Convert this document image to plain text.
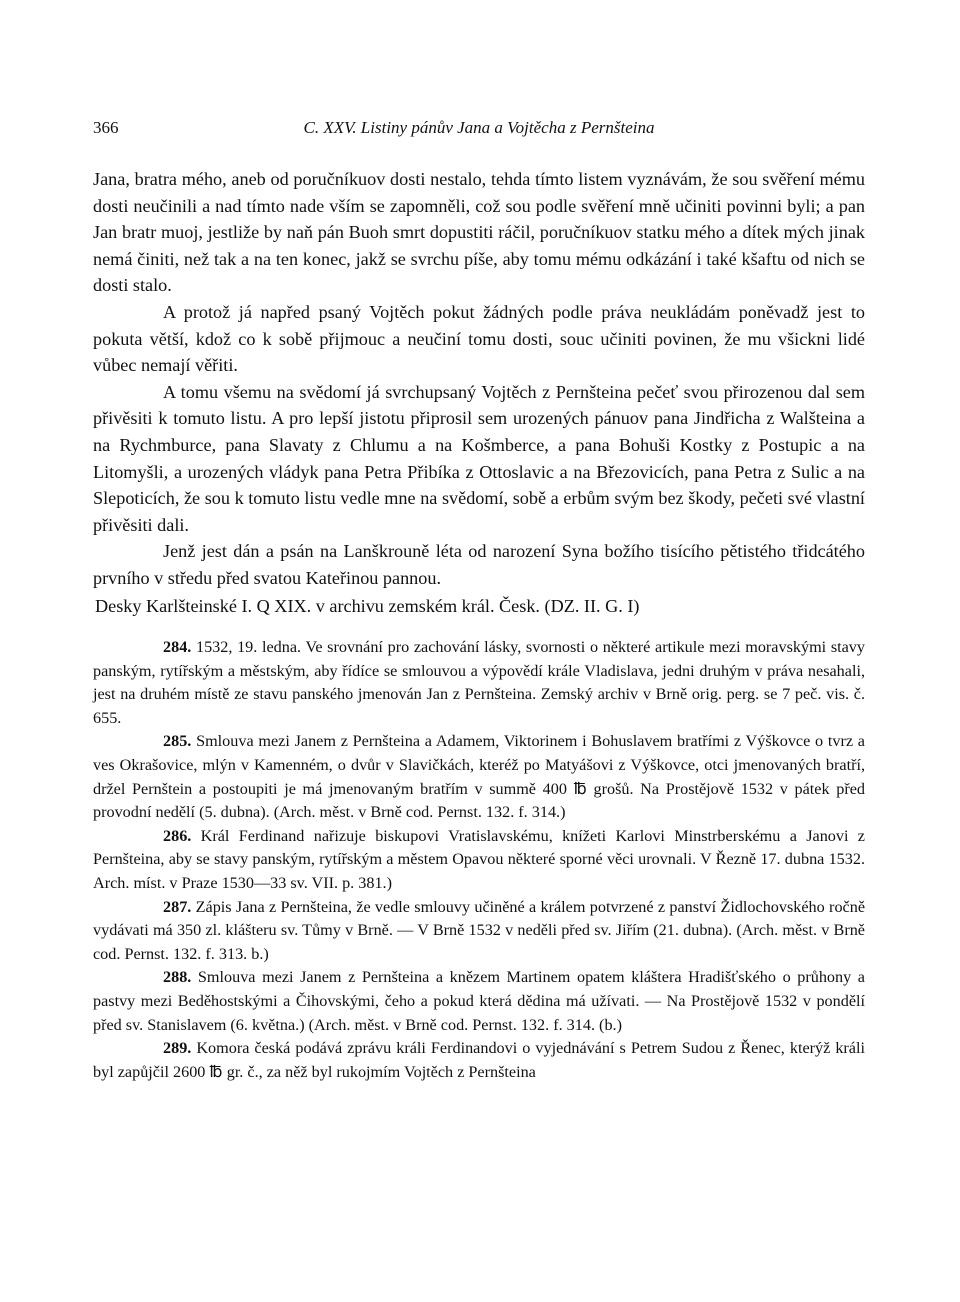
366	C. XXV. Listiny pánův Jana a Vojtěcha z Pernšteina

Jana, bratra mého, aneb od poručníkuov dosti nestalo, tehda tímto listem vyznávám, že sou svěření mému dosti neučinili a nad tímto nade vším se zapomněli, což sou podle svěření mně učiniti povinni byli; a pan Jan bratr muoj, jestliže by naň pán Buoh smrt dopustiti ráčil, poručníkuov statku mého a dítek mých jinak nemá činiti, než tak a na ten konec, jakž se svrchu píše, aby tomu mému odkázání i také kšaftu od nich se dosti stalo.

A protož já napřed psaný Vojtěch pokut žádných podle práva neukládám poněvadž jest to pokuta větší, kdož co k sobě přijmouc a neučiní tomu dosti, souc učiniti povinen, že mu všickni lidé vůbec nemají věřiti.

A tomu všemu na svědomí já svrchupsaný Vojtěch z Pernšteina pečeť svou přirozenou dal sem přivěsiti k tomuto listu. A pro lepší jistotu připrosil sem urozených pánuov pana Jindřicha z Walšteina a na Rychmburce, pana Slavaty z Chlumu a na Košmberce, a pana Bohuši Kostky z Postupic a na Litomyšli, a urozených vládyk pana Petra Přibíka z Ottoslavic a na Březovicích, pana Petra z Sulic a na Slepoticích, že sou k tomuto listu vedle mne na svědomí, sobě a erbům svým bez škody, pečeti své vlastní přivěsiti dali.

Jenž jest dán a psán na Lanškrouně léta od narození Syna božího tisícího pětistého třidcátého prvního v středu před svatou Kateřinou pannou.

Desky Karlšteinské I. Q XIX. v archivu zemském král. Česk. (DZ. II. G. I)

284. 1532, 19. ledna. Ve srovnání pro zachování lásky, svornosti o některé artikule mezi moravskými stavy panským, rytířským a městským, aby řídíce se smlouvou a výpovědí krále Vladislava, jedni druhým v práva nesahali, jest na druhém místě ze stavu panského jmenován Jan z Pernšteina. Zemský archiv v Brně orig. perg. se 7 peč. vis. č. 655.

285. Smlouva mezi Janem z Pernšteina a Adamem, Viktorinem i Bohuslavem bratřími z Výškovce o tvrz a ves Okrašovice, mlýn v Kamenném, o dvůr v Slavičkách, kteréž po Matyášovi z Výškovce, otci jmenovaných bratří, držel Pernštein a postoupiti je má jmenovaným bratřím v summě 400 ℔ grošů. Na Prostějově 1532 v pátek před provodní nedělí (5. dubna). (Arch. měst. v Brně cod. Pernst. 132. f. 314.)

286. Král Ferdinand nařizuje biskupovi Vratislavskému, knížeti Karlovi Minstrberskému a Janovi z Pernšteina, aby se stavy panským, rytířským a městem Opavou některé sporné věci urovnali. V Řezně 17. dubna 1532. Arch. míst. v Praze 1530—33 sv. VII. p. 381.)

287. Zápis Jana z Pernšteina, že vedle smlouvy učiněné a králem potvrzené z panství Židlochovského ročně vydávati má 350 zl. klášteru sv. Tůmy v Brně. — V Brně 1532 v neděli před sv. Jiřím (21. dubna). (Arch. měst. v Brně cod. Pernst. 132. f. 313. b.)

288. Smlouva mezi Janem z Pernšteina a knězem Martinem opatem kláštera Hradišťského o průhony a pastvy mezi Beděhostskými a Čihovskými, čeho a pokud která dědina má užívati. — Na Prostějově 1532 v pondělí před sv. Stanislavem (6. května.) (Arch. měst. v Brně cod. Pernst. 132. f. 314. (b.)

289. Komora česká podává zprávu králi Ferdinandovi o vyjednávání s Petrem Sudou z Řenec, kterýž králi byl zapůjčil 2600 ℔ gr. č., za něž byl rukojmím Vojtěch z Pernšteina
